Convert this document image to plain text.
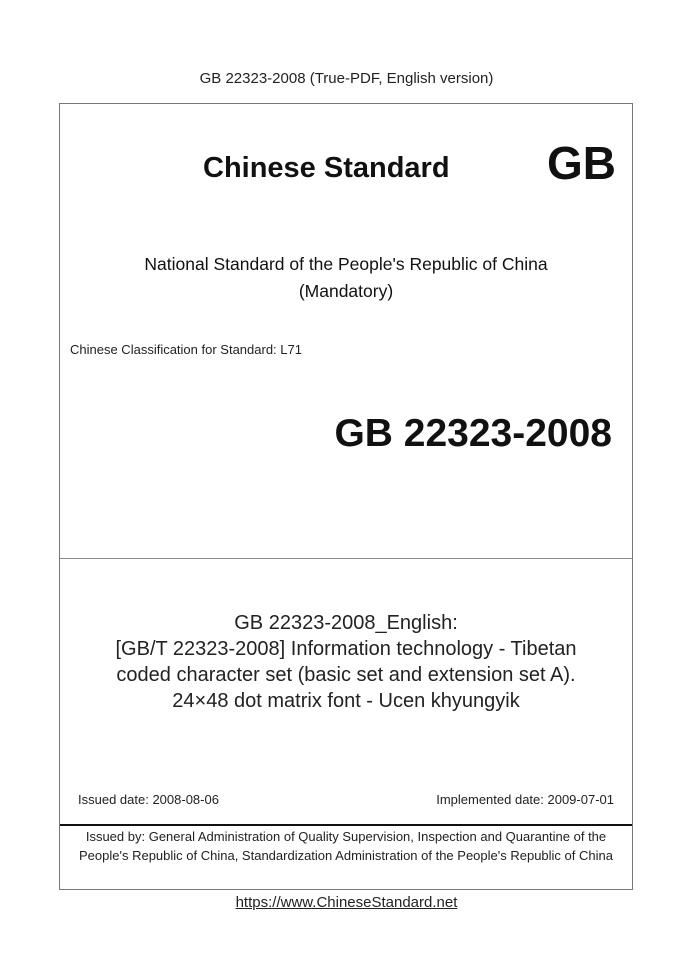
GB 22323-2008 (True-PDF, English version)
Chinese Standard GB
National Standard of the People's Republic of China
(Mandatory)
Chinese Classification for Standard: L71
GB 22323-2008
GB 22323-2008_English:
[GB/T 22323-2008] Information technology - Tibetan coded character set (basic set and extension set A). 24×48 dot matrix font - Ucen khyungyik
Issued date: 2008-08-06	Implemented date: 2009-07-01
Issued by: General Administration of Quality Supervision, Inspection and Quarantine of the People's Republic of China, Standardization Administration of the People's Republic of China
https://www.ChineseStandard.net
